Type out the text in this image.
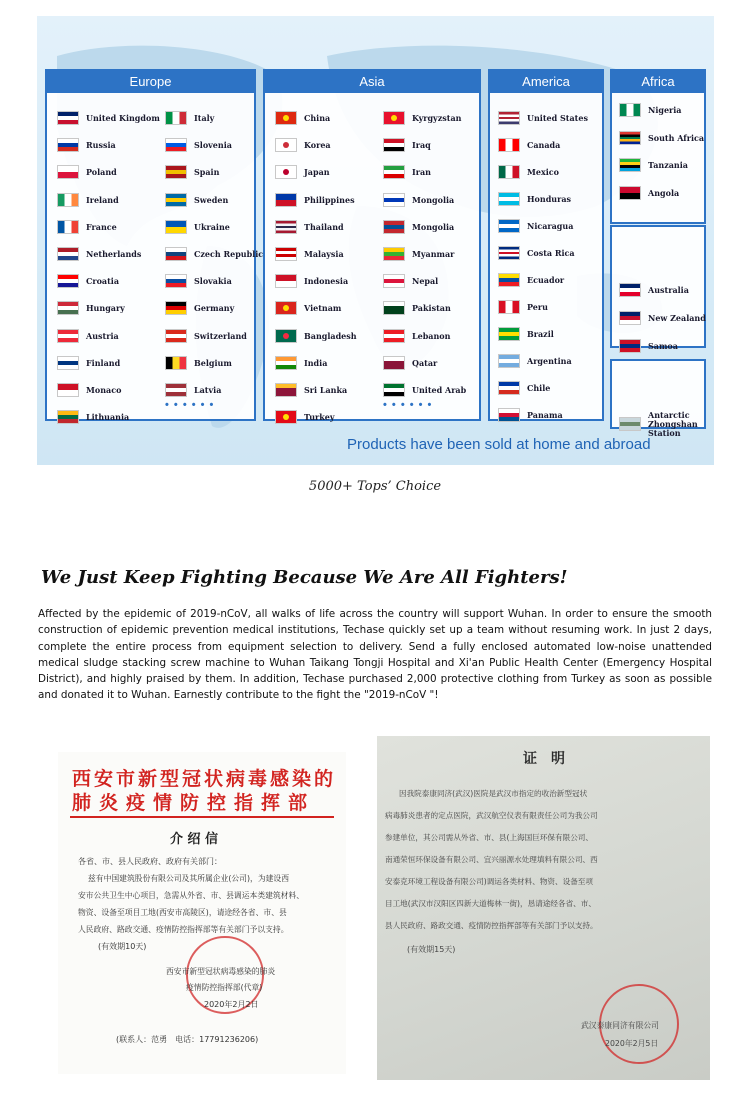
Europe
United Kingdom	Italy
Russia	Slovenia
Poland	Spain
Ireland	Sweden
France	Ukraine
Netherlands	Czech Republic
Croatia	Slovakia
Hungary	Germany
Austria	Switzerland
Finland	Belgium
Monaco	Latvia
Lithuania
• • • • • •
Asia
China	Kyrgyzstan
Korea	Iraq
Japan	Iran
Philippines	Mongolia
Thailand	Mongolia
Malaysia	Myanmar
Indonesia	Nepal
Vietnam	Pakistan
Bangladesh	Lebanon
India	Qatar
Sri Lanka	United Arab
Turkey
• • • • • •
America
United States
Canada
Mexico
Honduras
Nicaragua
Costa Rica
Ecuador
Peru
Brazil
Argentina
Chile
Panama
Africa
Nigeria
South Africa
Tanzania
Angola
Australia
New Zealand
Samoa
Antarctic Zhongshan Station
Products have been sold at home and abroad
5000+ Tops’ Choice
We Just Keep Fighting Because We Are All Fighters!
Affected by the epidemic of 2019-nCoV, all walks of life across the country will support Wuhan. In order to ensure the smooth construction of epidemic prevention medical institutions, Techase quickly set up a team without resuming work. In just 2 days, complete the entire process from equipment selection to delivery. Send a fully enclosed automated low-noise unattended medical sludge stacking screw machine to Wuhan Taikang Tongji Hospital and Xi'an Public Health Center (Emergency Hospital District), and highly praised by them. In addition, Techase purchased 2,000 protective clothing from Turkey as soon as possible and donated it to Wuhan. Earnestly contribute to the fight the "2019-nCoV "!
西安市新型冠状病毒感染的
肺炎疫情防控指挥部
介 绍 信
各省、市、县人民政府、政府有关部门：
兹有中国建筑股份有限公司及其所属企业(公司)，为建设西
安市公共卫生中心项目，急需从外省、市、县调运本类建筑材料、
物资、设备至项目工地(西安市高陵区)，请途经各省、市、县
人民政府、路政交通、疫情防控指挥部等有关部门予以支持。
(有效期10天)
西安市新型冠状病毒感染的肺炎
疫情防控指挥部(代章)
2020年2月2日
(联系人：范勇　电话：17791236206)
证　明
因我院泰康同济(武汉)医院是武汉市指定的收治新型冠状
病毒肺炎患者的定点医院，武汉航空仪表有限责任公司为我公司
参建单位，其公司需从外省、市、县(上海国巨环保有限公司、
南通荣恒环保设备有限公司、宜兴丽源水处理填料有限公司、西
安泰克环境工程设备有限公司)调运各类材料、物资、设备至项
目工地(武汉市汉阳区四新大道梅林一街)，恳请途经各省、市、
县人民政府、路政交通、疫情防控指挥部等有关部门予以支持。
(有效期15天)
武汉泰康同济有限公司
2020年2月5日
